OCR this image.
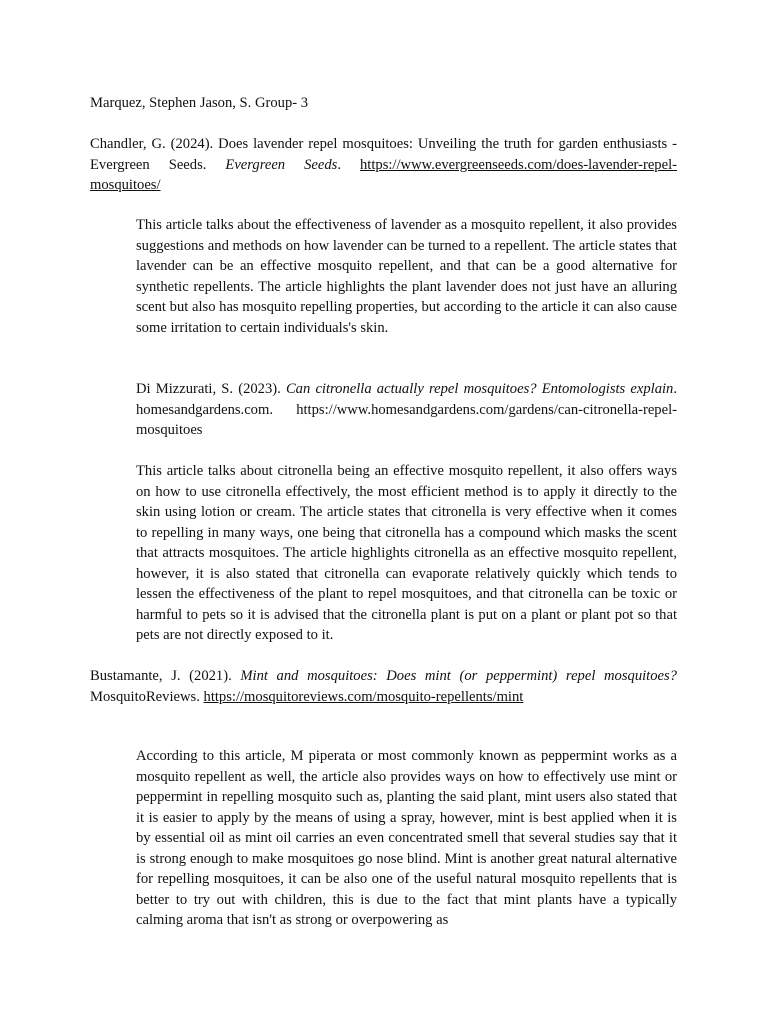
Marquez, Stephen Jason, S. Group- 3

Chandler, G. (2024). Does lavender repel mosquitoes: Unveiling the truth for garden enthusiasts - Evergreen Seeds. Evergreen Seeds. https://www.evergreenseeds.com/does-lavender-repel-mosquitoes/

This article talks about the effectiveness of lavender as a mosquito repellent, it also provides suggestions and methods on how lavender can be turned to a repellent. The article states that lavender can be an effective mosquito repellent, and that can be a good alternative for synthetic repellents. The article highlights the plant lavender does not just have an alluring scent but also has mosquito repelling properties, but according to the article it can also cause some irritation to certain individuals's skin.

Di Mizzurati, S. (2023). Can citronella actually repel mosquitoes? Entomologists explain. homesandgardens.com. https://www.homesandgardens.com/gardens/can-citronella-repel-mosquitoes

This article talks about citronella being an effective mosquito repellent, it also offers ways on how to use citronella effectively, the most efficient method is to apply it directly to the skin using lotion or cream. The article states that citronella is very effective when it comes to repelling in many ways, one being that citronella has a compound which masks the scent that attracts mosquitoes. The article highlights citronella as an effective mosquito repellent, however, it is also stated that citronella can evaporate relatively quickly which tends to lessen the effectiveness of the plant to repel mosquitoes, and that citronella can be toxic or harmful to pets so it is advised that the citronella plant is put on a plant or plant pot so that pets are not directly exposed to it.

Bustamante, J. (2021). Mint and mosquitoes: Does mint (or peppermint) repel mosquitoes? MosquitoReviews. https://mosquitoreviews.com/mosquito-repellents/mint

According to this article, M piperata or most commonly known as peppermint works as a mosquito repellent as well, the article also provides ways on how to effectively use mint or peppermint in repelling mosquito such as, planting the said plant, mint users also stated that it is easier to apply by the means of using a spray, however, mint is best applied when it is by essential oil as mint oil carries an even concentrated smell that several studies say that it is strong enough to make mosquitoes go nose blind. Mint is another great natural alternative for repelling mosquitoes, it can be also one of the useful natural mosquito repellents that is better to try out with children, this is due to the fact that mint plants have a typically calming aroma that isn't as strong or overpowering as
